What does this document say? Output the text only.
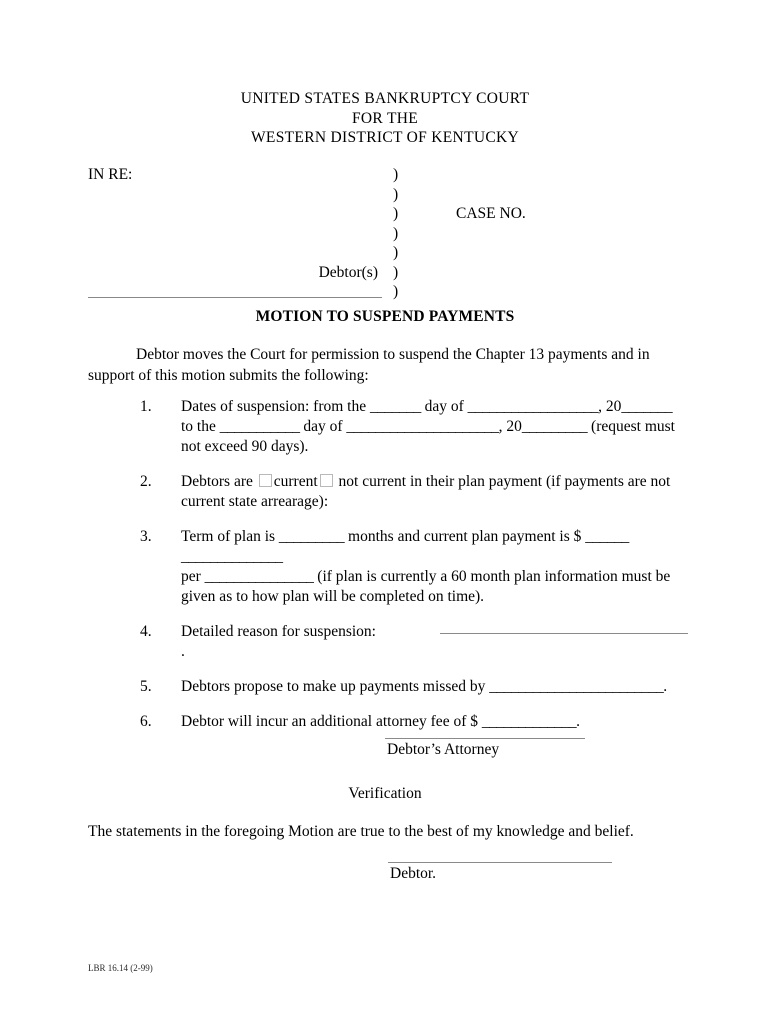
UNITED STATES BANKRUPTCY COURT
FOR THE
WESTERN DISTRICT OF KENTUCKY
IN RE:	)
)
)	CASE NO.
)
)
Debtor(s) )
)
MOTION TO SUSPEND PAYMENTS
Debtor moves the Court for permission to suspend the Chapter 13 payments and in support of this motion submits the following:
1. Dates of suspension: from the _______ day of __________________, 20_______ to the ___________ day of _____________________, 20_________ (request must not exceed 90 days).
2. Debtors are current not current in their plan payment (if payments are not current state arrearage):
3. Term of plan is _________ months and current plan payment is $ ______
______________
per _______________ (if plan is currently a 60 month plan information must be given as to how plan will be completed on time).
4. Detailed reason for suspension:.
5. Debtors propose to make up payments missed by ________________________.
6. Debtor will incur an additional attorney fee of $ _____________.
Debtor’s Attorney
Verification
The statements in the foregoing Motion are true to the best of my knowledge and belief.
Debtor.
LBR 16.14 (2-99)
